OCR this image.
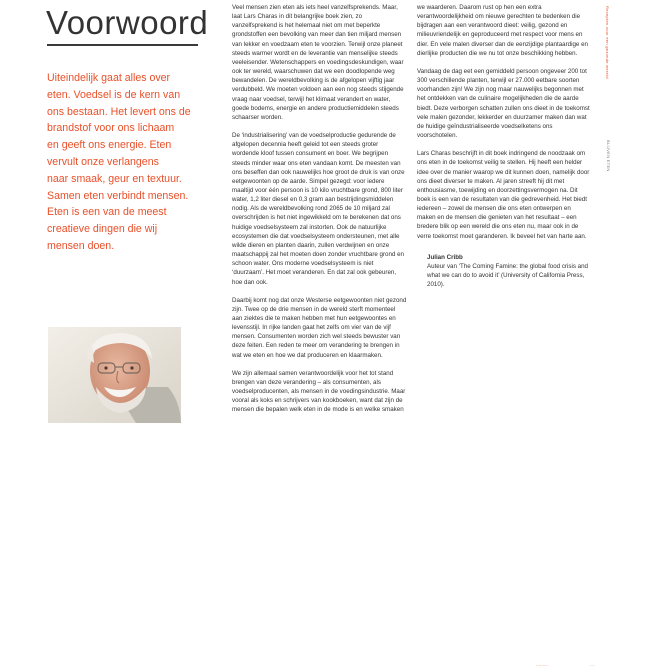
Voorwoord

Uiteindelijk gaat alles over

eten. Voedsel is de kern van

ons bestaan. Het levert ons de

brandstof voor ons lichaam

en geeft ons energie. Eten

vervult onze verlangens

naar smaak, geur en textuur.

Samen eten verbindt mensen.

Eten is een van de meest

creatieve dingen die wij

mensen doen.

Veel mensen zien eten als iets heel vanzelfsprekends. Maar, laat Lars Charas in dit belangrijke boek zien, zo vanzelfsprekend is het helemaal niet om met beperkte grondstoffen een bevolking van meer dan tien miljard mensen van lekker en voedzaam eten te voorzien. Terwijl onze planeet steeds warmer wordt en de leverantie van menselijke steeds veeleisender. Wetenschappers en voedingsdeskundigen, waar ook ter wereld, waarschuwen dat we een doodlopende weg bewandelen. De wereldbevolking is de afgelopen vijftig jaar verdubbeld. We moeten voldoen aan een nog steeds stijgende vraag naar voedsel, terwijl het klimaat verandert en water, goede bodems, energie en andere productiemiddelen steeds schaarser worden.

De ‘industrialisering’ van de voedselproductie gedurende de afgelopen decennia heeft geleid tot een steeds groter wordende kloof tussen consument en boer. We begrijpen steeds minder waar ons eten vandaan komt. De meesten van ons beseffen dan ook nauwelijks hoe groot de druk is van onze eetgewoonten op de aarde. Simpel gezegd: voor iedere maaltijd voor één persoon is 10 kilo vruchtbare grond, 800 liter water, 1,2 liter diesel en 0,3 gram aan bestrijdingsmiddelen nodig. Als de wereldbevolking rond 2065 de 10 miljard zal overschrijden is het niet ingewikkeld om te berekenen dat ons huidige voedselsysteem zal instorten. Ook de natuurlijke ecosystemen die dat voedselsysteem ondersteunen, met alle wilde dieren en planten daarin, zullen verdwijnen en onze maatschappij zal het moeten doen zonder vruchtbare grond en schoon water. Ons moderne voedselsysteem is niet ‘duurzaam’. Het moet veranderen. En dat zal ook gebeuren, hoe dan ook.

Daarbij komt nog dat onze Westerse eetgewoonten niet gezond zijn. Twee op de drie mensen in de wereld sterft momenteel aan ziektes die te maken hebben met hun eetgewoontes en levensstijl. In rijke landen gaat het zelfs om vier van de vijf mensen. Consumenten worden zich wel steeds bewuster van deze feiten. Een reden te meer om verandering te brengen in wat we eten en hoe we dat produceren en klaarmaken.

We zijn allemaal samen verantwoordelijk voor het tot stand brengen van deze verandering – als consumenten, als voedselproducenten, als mensen in de voedingsindustrie. Maar vooral als koks en schrijvers van kookboeken, want dat zijn de mensen die bepalen welk eten in de mode is en welke smaken

we waarderen. Daarom rust op hen een extra verantwoordelijkheid om nieuwe gerechten te bedenken die bijdragen aan een verantwoord dieet: veilig, gezond en milieuvriendelijk en geproduceerd met respect voor mens en dier. En vele malen diverser dan de eenzijdige plantaardige en dierlijke producten die we nu tot onze beschikking hebben.

Vandaag de dag eet een gemiddeld persoon ongeveer 200 tot 300 verschillende planten, terwijl er 27.000 eetbare soorten voorhanden zijn! We zijn nog maar nauwelijks begonnen met het ontdekken van de culinaire mogelijkheden die de aarde biedt. Deze verborgen schatten zullen ons dieet in de toekomst vele malen gezonder, lekkerder en duurzamer maken dan wat de huidige geïndustrialiseerde voedselketens ons voorschotelen.

Lars Charas beschrijft in dit boek indringend de noodzaak om ons eten in de toekomst veilig te stellen. Hij heeft een helder idee over de manier waarop we dit kunnen doen, namelijk door ons dieet diverser te maken. Al jaren streeft hij dit met enthousiasme, toewijding en doorzettingsvermogen na. Dit boek is een van de resultaten van die gedrevenheid. Het biedt iedereen – zowel de mensen die ons eten ontwerpen en maken en de mensen die genieten van het resultaat – een bredere blik op een wereld die ons eten nu, maar ook in de verre toekomst moet garanderen. Ik beveel het van harte aan.

Julian Cribb

Auteur van ‘The Coming Famine: the global food crisis and what we can do to avoid it’ (University of California Press, 2010).

Recepten voor een gezonde wereld
BLIJVEN ETEN
·········	···
